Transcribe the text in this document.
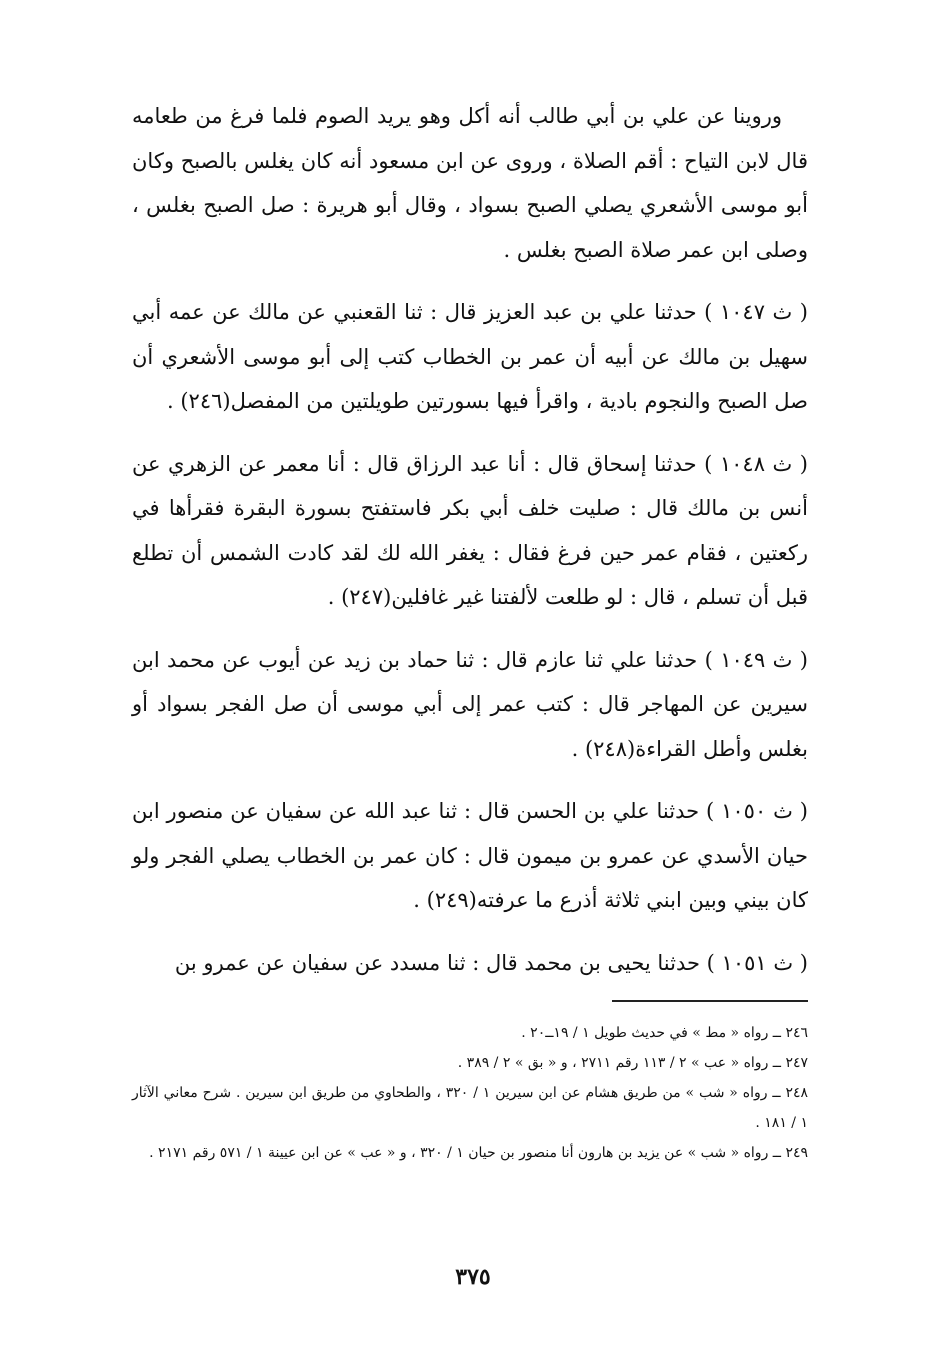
وروينا عن علي بن أبي طالب أنه أكل وهو يريد الصوم فلما فرغ من طعامه قال لابن التياح : أقم الصلاة ، وروى عن ابن مسعود أنه كان يغلس بالصبح وكان أبو موسى الأشعري يصلي الصبح بسواد ، وقال أبو هريرة : صل الصبح بغلس ، وصلى ابن عمر صلاة الصبح بغلس .

( ث ١٠٤٧ ) حدثنا علي بن عبد العزيز قال : ثنا القعنبي عن مالك عن عمه أبي سهيل بن مالك عن أبيه أن عمر بن الخطاب كتب إلى أبو موسى الأشعري أن صل الصبح والنجوم بادية ، واقرأ فيها بسورتين طويلتين من المفصل(٢٤٦) .

( ث ١٠٤٨ ) حدثنا إسحاق قال : أنا عبد الرزاق قال : أنا معمر عن الزهري عن أنس بن مالك قال : صليت خلف أبي بكر فاستفتح بسورة البقرة فقرأها في ركعتين ، فقام عمر حين فرغ فقال : يغفر الله لك لقد كادت الشمس أن تطلع قبل أن تسلم ، قال : لو طلعت لألفتنا غير غافلين(٢٤٧) .

( ث ١٠٤٩ ) حدثنا علي ثنا عازم قال : ثنا حماد بن زيد عن أيوب عن محمد ابن سيرين عن المهاجر قال : كتب عمر إلى أبي موسى أن صل الفجر بسواد أو بغلس وأطل القراءة(٢٤٨) .

( ث ١٠٥٠ ) حدثنا علي بن الحسن قال : ثنا عبد الله عن سفيان عن منصور ابن حيان الأسدي عن عمرو بن ميمون قال : كان عمر بن الخطاب يصلي الفجر ولو كان بيني وبين ابني ثلاثة أذرع ما عرفته(٢٤٩) .

( ث ١٠٥١ ) حدثنا يحيى بن محمد قال : ثنا مسدد عن سفيان عن عمرو بن

٢٤٦ ــ رواه « مط » في حديث طويل ١ / ١٩ــ٢٠ .

٢٤٧ ــ رواه « عب » ٢ / ١١٣ رقم ٢٧١١ ، و « بق » ٢ / ٣٨٩ .

٢٤٨ ــ رواه « شب » من طريق هشام عن ابن سيرين ١ / ٣٢٠ ، والطحاوي من طريق ابن سيرين . شرح معاني الآثار ١ / ١٨١ .

٢٤٩ ــ رواه « شب » عن يزيد بن هارون أنا منصور بن حيان ١ / ٣٢٠ ، و « عب » عن ابن عيينة ١ / ٥٧١ رقم ٢١٧١ .

٣٧٥
